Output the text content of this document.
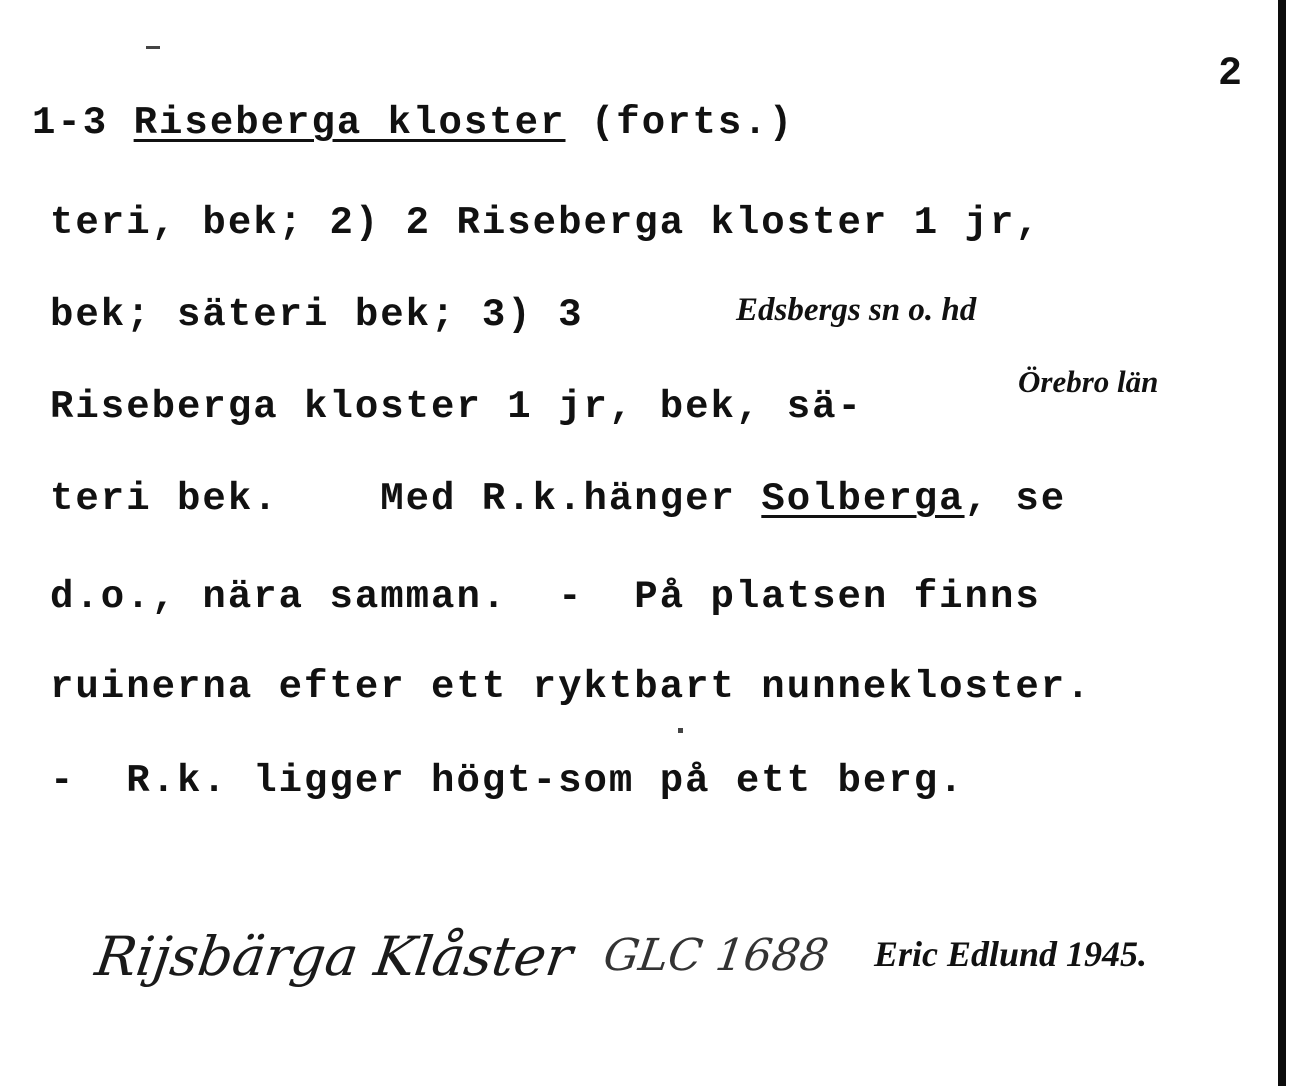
2
1-3 Riseberga kloster (forts.)
teri, bek; 2) 2 Riseberga kloster 1 jr,
bek; säteri bek; 3) 3	Edsbergs sn o. hd
Örebro län
Riseberga kloster 1 jr, bek, sä-
teri bek.    Med R.k.hänger Solberga, se
d.o., nära samman.  -  På platsen finns
ruinerna efter ett ryktbart nunnekloster.
-  R.k. ligger högt-som på ett berg.
Rijsbärga Klåster GLC 1688 Eric Edlund 1945.
